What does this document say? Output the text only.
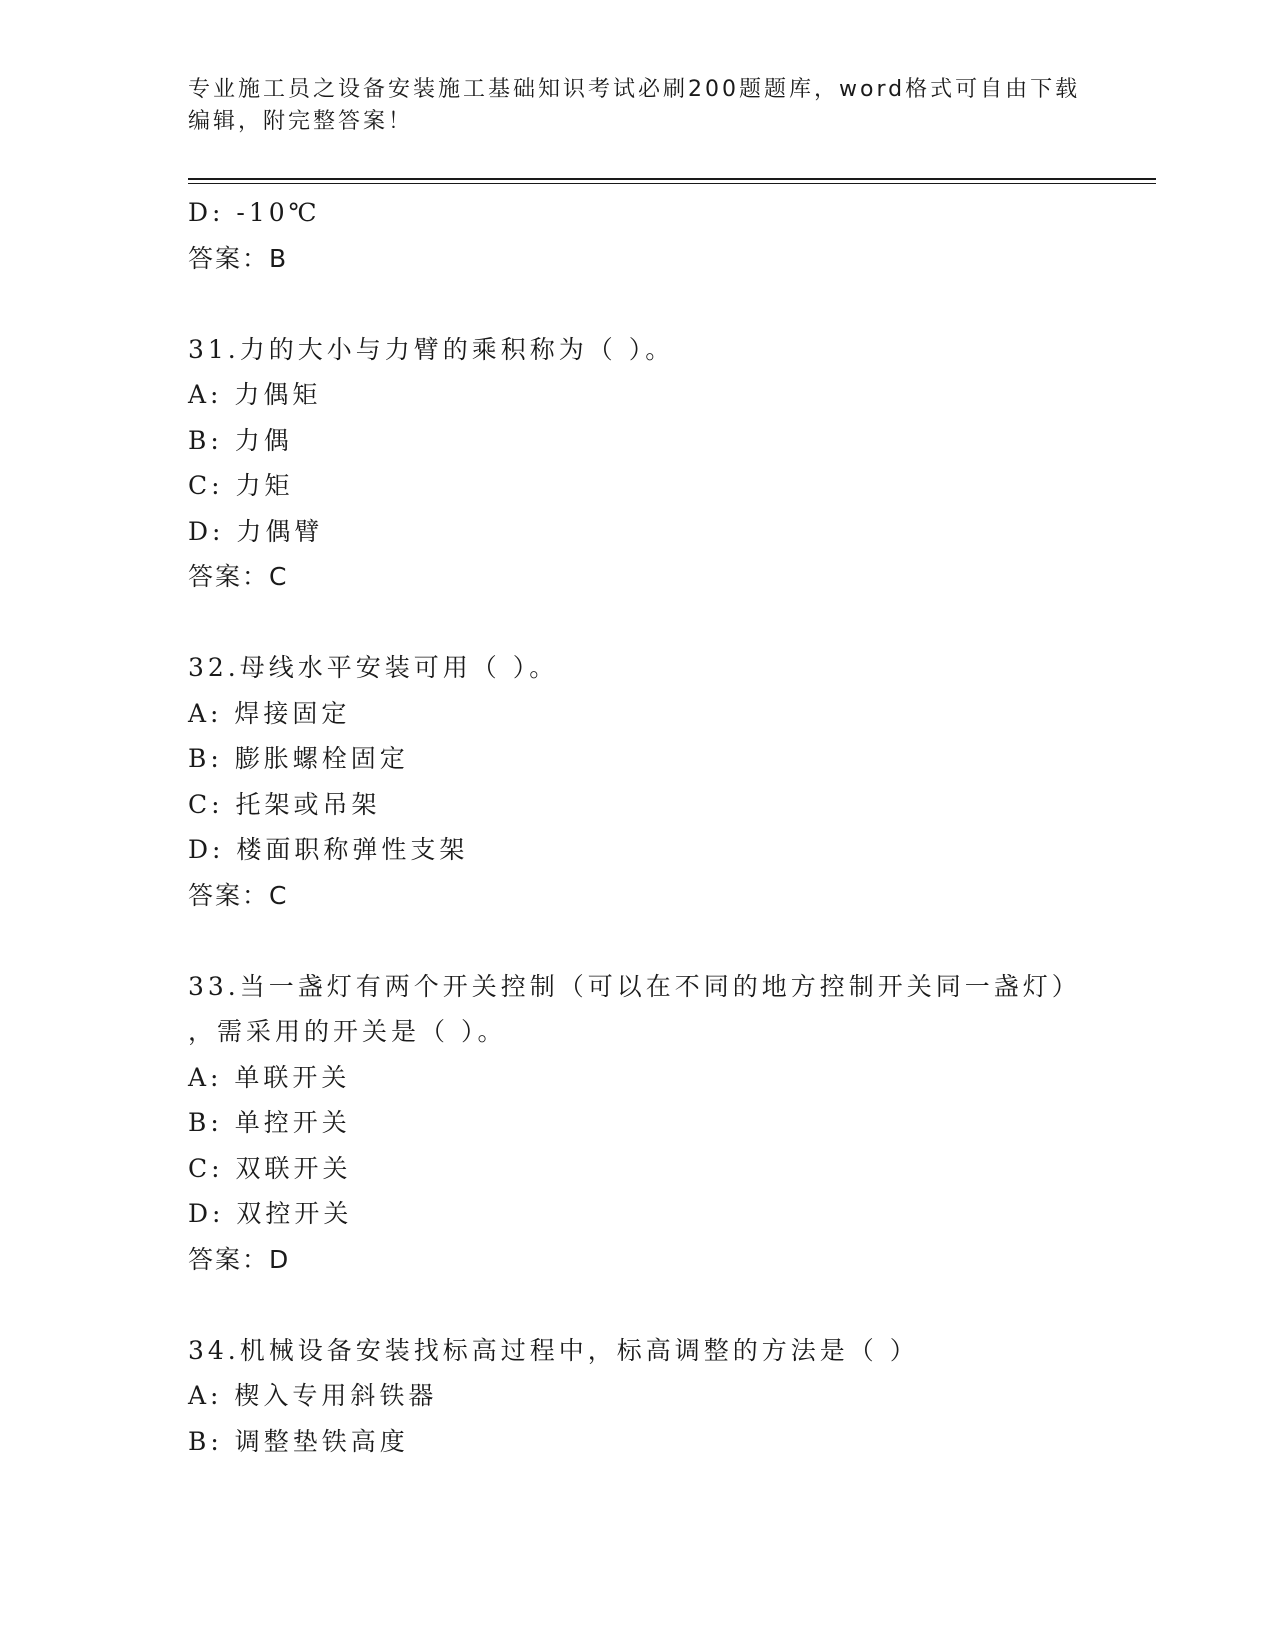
专业施工员之设备安装施工基础知识考试必刷200题题库，word格式可自由下载
编辑，附完整答案！
D: -10℃
答案：B
31.力的大小与力臂的乘积称为（ ）。
A: 力偶矩
B: 力偶
C: 力矩
D: 力偶臂
答案：C
32.母线水平安装可用（ ）。
A: 焊接固定
B: 膨胀螺栓固定
C: 托架或吊架
D: 楼面职称弹性支架
答案：C
33.当一盏灯有两个开关控制（可以在不同的地方控制开关同一盏灯）
，需采用的开关是（ ）。
A: 单联开关
B: 单控开关
C: 双联开关
D: 双控开关
答案：D
34.机械设备安装找标高过程中，标高调整的方法是（ ）
A: 楔入专用斜铁器
B: 调整垫铁高度
